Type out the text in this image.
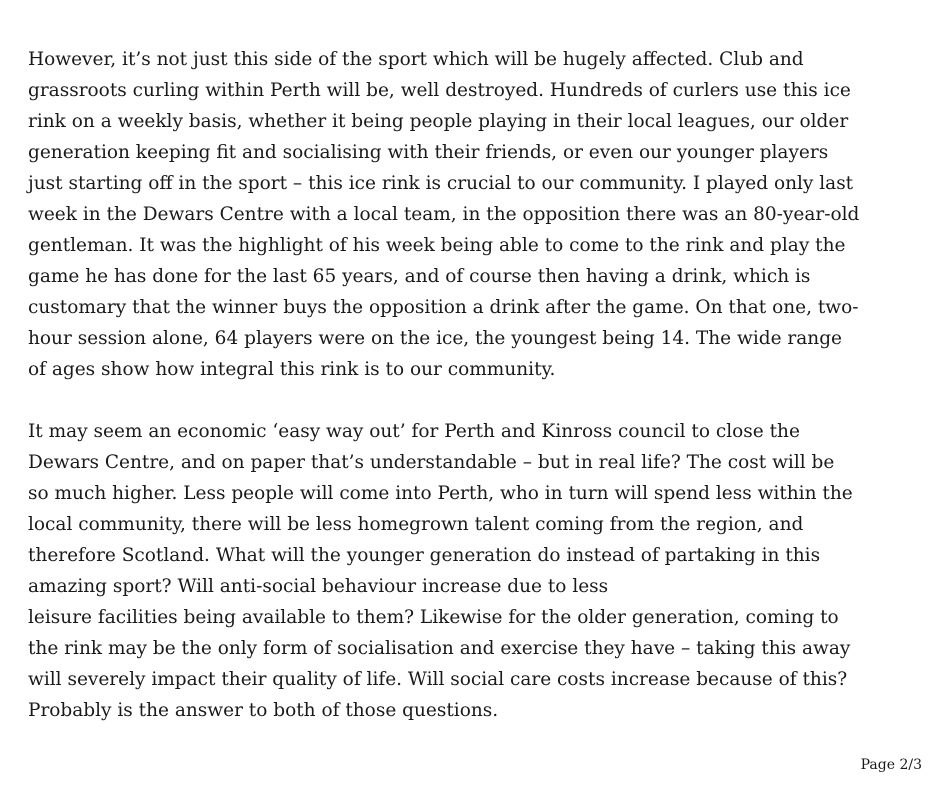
However, it’s not just this side of the sport which will be hugely affected. Club and
grassroots curling within Perth will be, well destroyed. Hundreds of curlers use this ice
rink on a weekly basis, whether it being people playing in their local leagues, our older
generation keeping fit and socialising with their friends, or even our younger players
just starting off in the sport – this ice rink is crucial to our community. I played only last
week in the Dewars Centre with a local team, in the opposition there was an 80-year-old
gentleman. It was the highlight of his week being able to come to the rink and play the
game he has done for the last 65 years, and of course then having a drink, which is
customary that the winner buys the opposition a drink after the game. On that one, two-
hour session alone, 64 players were on the ice, the youngest being 14. The wide range
of ages show how integral this rink is to our community.

It may seem an economic ‘easy way out’ for Perth and Kinross council to close the
Dewars Centre, and on paper that’s understandable – but in real life? The cost will be
so much higher. Less people will come into Perth, who in turn will spend less within the
local community, there will be less homegrown talent coming from the region, and
therefore Scotland. What will the younger generation do instead of partaking in this
amazing sport? Will anti-social behaviour increase due to less
leisure facilities being available to them? Likewise for the older generation, coming to
the rink may be the only form of socialisation and exercise they have – taking this away
will severely impact their quality of life. Will social care costs increase because of this?
Probably is the answer to both of those questions.

Page 2/3
